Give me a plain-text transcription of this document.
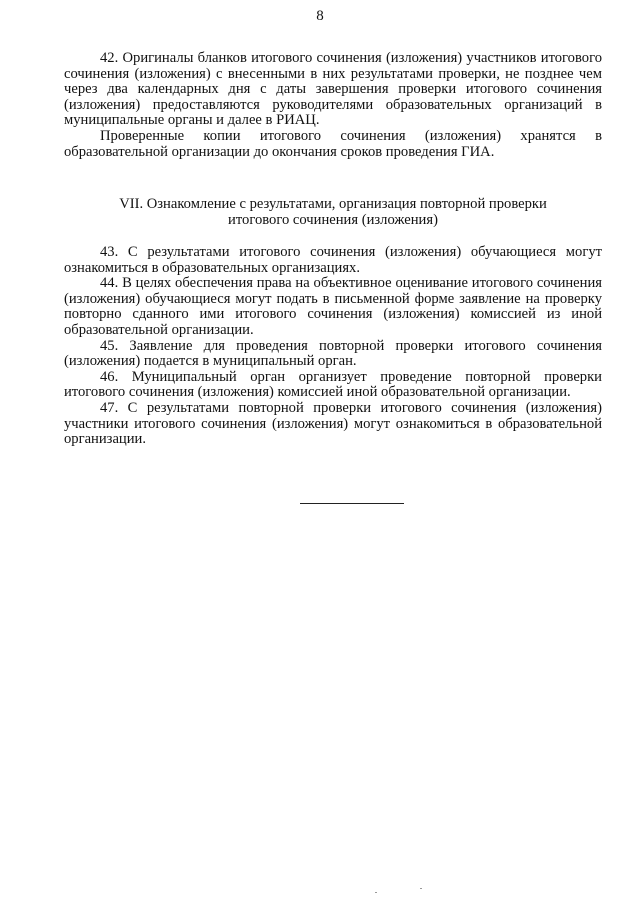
8

42. Оригиналы бланков итогового сочинения (изложения) участников итогового сочинения (изложения) с внесенными в них результатами проверки, не позднее чем через два календарных дня с даты завершения проверки итогового сочинения (изложения) предоставляются руководителями образовательных организаций в муниципальные органы и далее в РИАЦ.

Проверенные копии итогового сочинения (изложения) хранятся в образовательной организации до окончания сроков проведения ГИА.

VII. Ознакомление с результатами, организация повторной проверки
итогового сочинения (изложения)

43. С результатами итогового сочинения (изложения) обучающиеся могут ознакомиться в образовательных организациях.

44. В целях обеспечения права на объективное оценивание итогового сочинения (изложения) обучающиеся могут подать в письменной форме заявление на проверку повторно сданного ими итогового сочинения (изложения) комиссией из иной образовательной организации.

45. Заявление для проведения повторной проверки итогового сочинения (изложения) подается в муниципальный орган.

46. Муниципальный орган организует проведение повторной проверки итогового сочинения (изложения) комиссией иной образовательной организации.

47. С результатами повторной проверки итогового сочинения (изложения) участники итогового сочинения (изложения) могут ознакомиться в образовательной организации.
